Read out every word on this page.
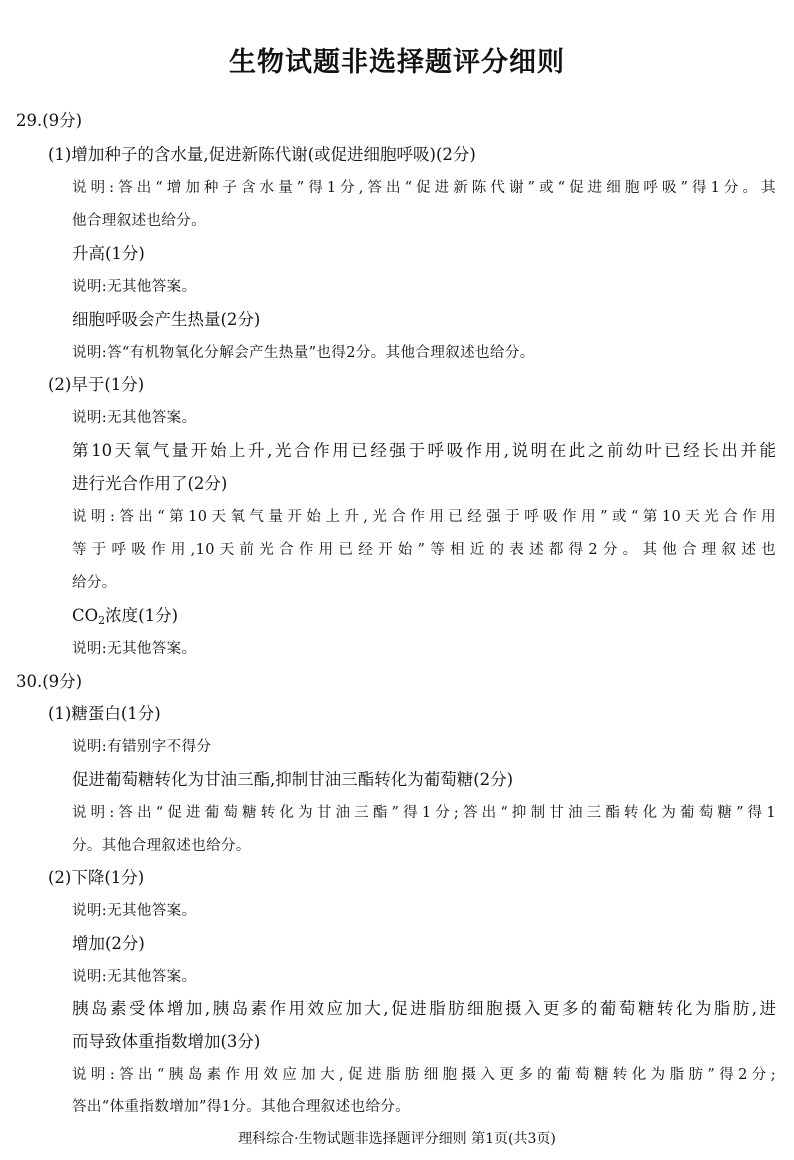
生物试题非选择题评分细则
29.(9分)
(1)增加种子的含水量,促进新陈代谢(或促进细胞呼吸)(2分)
说明:答出“增加种子含水量”得1分,答出“促进新陈代谢”或“促进细胞呼吸”得1分。其
他合理叙述也给分。
升高(1分)
说明:无其他答案。
细胞呼吸会产生热量(2分)
说明:答“有机物氧化分解会产生热量”也得2分。其他合理叙述也给分。
(2)早于(1分)
说明:无其他答案。
第10天氧气量开始上升,光合作用已经强于呼吸作用,说明在此之前幼叶已经长出并能
进行光合作用了(2分)
说明:答出“第10天氧气量开始上升,光合作用已经强于呼吸作用”或“第10天光合作用
等于呼吸作用,10天前光合作用已经开始”等相近的表述都得2分。其他合理叙述也
给分。
$CO_2$浓度(1分)
说明:无其他答案。
30.(9分)
(1)糖蛋白(1分)
说明:有错别字不得分
促进葡萄糖转化为甘油三酯,抑制甘油三酯转化为葡萄糖(2分)
说明:答出“促进葡萄糖转化为甘油三酯”得1分;答出“抑制甘油三酯转化为葡萄糖”得1
分。其他合理叙述也给分。
(2)下降(1分)
说明:无其他答案。
增加(2分)
说明:无其他答案。
胰岛素受体增加,胰岛素作用效应加大,促进脂肪细胞摄入更多的葡萄糖转化为脂肪,进
而导致体重指数增加(3分)
说明:答出“胰岛素作用效应加大,促进脂肪细胞摄入更多的葡萄糖转化为脂肪”得2分;
答出“体重指数增加”得1分。其他合理叙述也给分。
理科综合·生物试题非选择题评分细则 第1页(共3页)
